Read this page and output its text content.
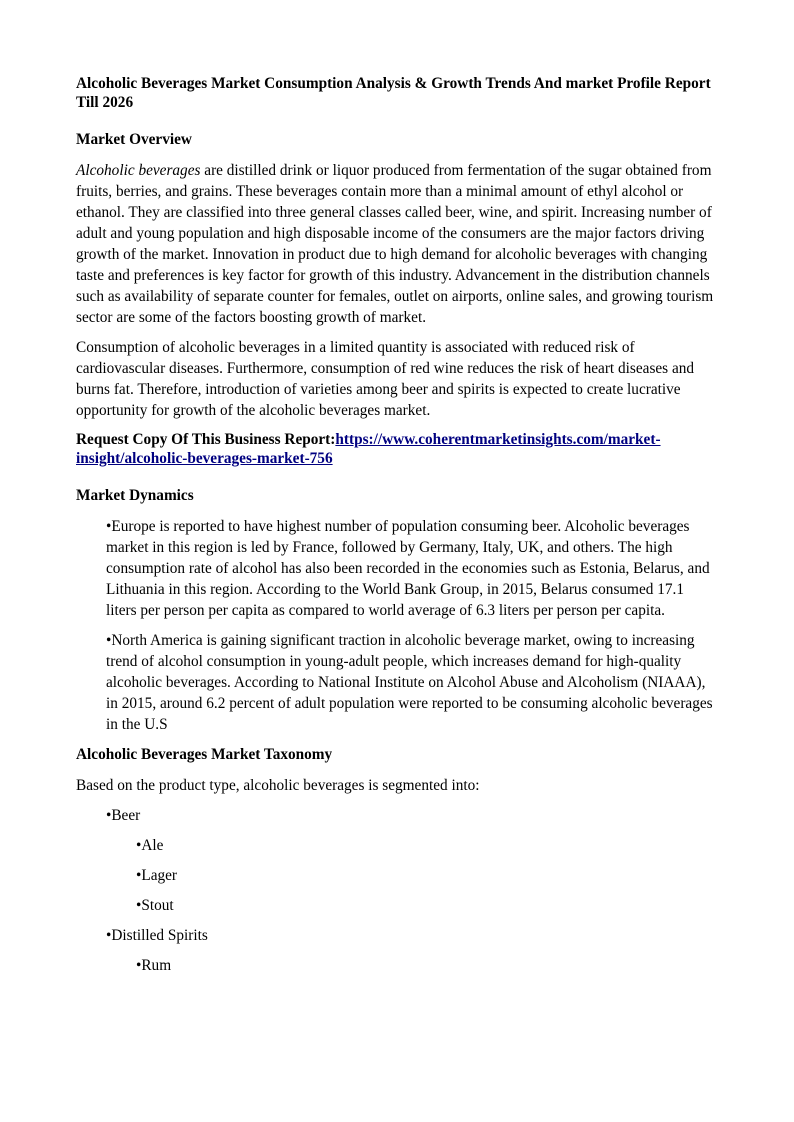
Alcoholic Beverages Market Consumption Analysis & Growth Trends And market Profile Report Till 2026
Market Overview

Alcoholic beverages are distilled drink or liquor produced from fermentation of the sugar obtained from fruits, berries, and grains. These beverages contain more than a minimal amount of ethyl alcohol or ethanol. They are classified into three general classes called beer, wine, and spirit. Increasing number of adult and young population and high disposable income of the consumers are the major factors driving growth of the market. Innovation in product due to high demand for alcoholic beverages with changing taste and preferences is key factor for growth of this industry. Advancement in the distribution channels such as availability of separate counter for females, outlet on airports, online sales, and growing tourism sector are some of the factors boosting growth of market.

Consumption of alcoholic beverages in a limited quantity is associated with reduced risk of cardiovascular diseases. Furthermore, consumption of red wine reduces the risk of heart diseases and burns fat. Therefore, introduction of varieties among beer and spirits is expected to create lucrative opportunity for growth of the alcoholic beverages market.

Request Copy Of This Business Report:https://www.coherentmarketinsights.com/market-insight/alcoholic-beverages-market-756
Market Dynamics

•Europe is reported to have highest number of population consuming beer. Alcoholic beverages market in this region is led by France, followed by Germany, Italy, UK, and others. The high consumption rate of alcohol has also been recorded in the economies such as Estonia, Belarus, and Lithuania in this region. According to the World Bank Group, in 2015, Belarus consumed 17.1 liters per person per capita as compared to world average of 6.3 liters per person per capita.

•North America is gaining significant traction in alcoholic beverage market, owing to increasing trend of alcohol consumption in young-adult people, which increases demand for high-quality alcoholic beverages. According to National Institute on Alcohol Abuse and Alcoholism (NIAAA), in 2015, around 6.2 percent of adult population were reported to be consuming alcoholic beverages in the U.S

Alcoholic Beverages Market Taxonomy

Based on the product type, alcoholic beverages is segmented into:

•Beer
•Ale
•Lager
•Stout
•Distilled Spirits
•Rum
